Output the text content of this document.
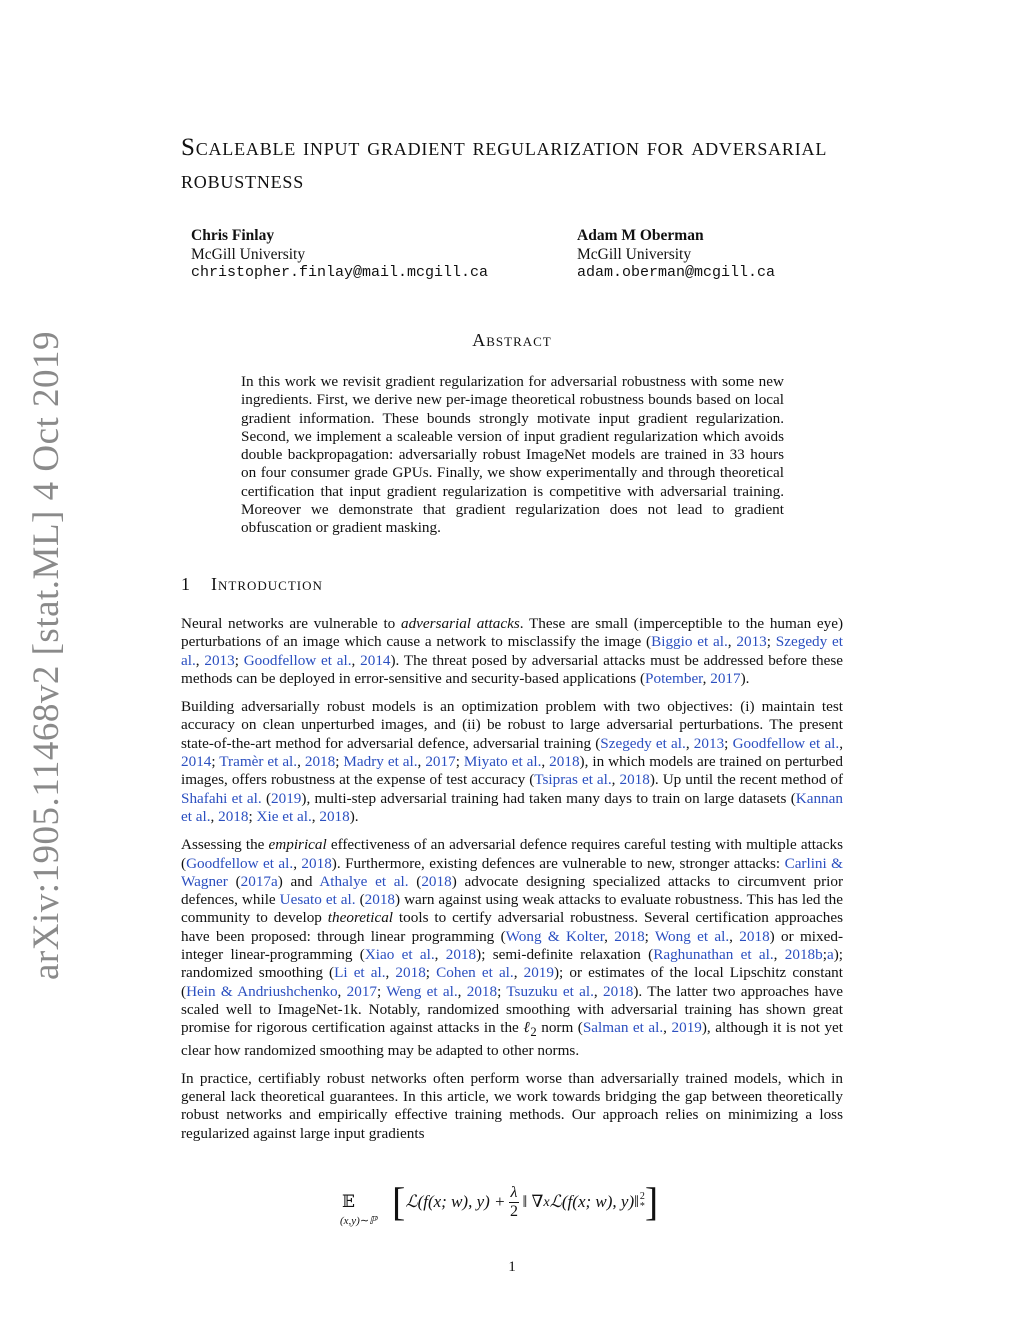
arXiv:1905.11468v2 [stat.ML] 4 Oct 2019
Scaleable input gradient regularization for adversarial robustness
Chris Finlay
McGill University
christopher.finlay@mail.mcgill.ca
Adam M Oberman
McGill University
adam.oberman@mcgill.ca
Abstract

In this work we revisit gradient regularization for adversarial robustness with some new ingredients. First, we derive new per-image theoretical robustness bounds based on local gradient information. These bounds strongly motivate input gradient regularization. Second, we implement a scaleable version of input gradient regularization which avoids double backpropagation: adversarially robust ImageNet models are trained in 33 hours on four consumer grade GPUs. Finally, we show experimentally and through theoretical certification that input gradient regularization is competitive with adversarial training. Moreover we demonstrate that gradient regularization does not lead to gradient obfuscation or gradient masking.

1 Introduction

Neural networks are vulnerable to adversarial attacks. These are small (imperceptible to the human eye) perturbations of an image which cause a network to misclassify the image (Biggio et al., 2013; Szegedy et al., 2013; Goodfellow et al., 2014). The threat posed by adversarial attacks must be addressed before these methods can be deployed in error-sensitive and security-based applications (Potember, 2017).

Building adversarially robust models is an optimization problem with two objectives: (i) maintain test accuracy on clean unperturbed images, and (ii) be robust to large adversarial perturbations. The present state-of-the-art method for adversarial defence, adversarial training (Szegedy et al., 2013; Goodfellow et al., 2014; Tramèr et al., 2018; Madry et al., 2017; Miyato et al., 2018), in which models are trained on perturbed images, offers robustness at the expense of test accuracy (Tsipras et al., 2018). Up until the recent method of Shafahi et al. (2019), multi-step adversarial training had taken many days to train on large datasets (Kannan et al., 2018; Xie et al., 2018).

Assessing the empirical effectiveness of an adversarial defence requires careful testing with multiple attacks (Goodfellow et al., 2018). Furthermore, existing defences are vulnerable to new, stronger attacks: Carlini & Wagner (2017a) and Athalye et al. (2018) advocate designing specialized attacks to circumvent prior defences, while Uesato et al. (2018) warn against using weak attacks to evaluate robustness. This has led the community to develop theoretical tools to certify adversarial robustness. Several certification approaches have been proposed: through linear programming (Wong & Kolter, 2018; Wong et al., 2018) or mixed-integer linear-programming (Xiao et al., 2018); semi-definite relaxation (Raghunathan et al., 2018b;a); randomized smoothing (Li et al., 2018; Cohen et al., 2019); or estimates of the local Lipschitz constant (Hein & Andriushchenko, 2017; Weng et al., 2018; Tsuzuku et al., 2018). The latter two approaches have scaled well to ImageNet-1k. Notably, randomized smoothing with adversarial training has shown great promise for rigorous certification against attacks in the ℓ$_2$ norm (Salman et al., 2019), although it is not yet clear how randomized smoothing may be adapted to other norms.

In practice, certifiably robust networks often perform worse than adversarially trained models, which in general lack theoretical guarantees. In this article, we work towards bridging the gap between theoretically robust networks and empirically effective training methods. Our approach relies on minimizing a loss regularized against large input gradients

𝔼
(x,y)∼ℙ [ ℒ(f(x; w), $y) + \frac{\lambda}{2}$ ‖ ∇ x ℒ(f(x; w), y)‖ 2
* ]
1
